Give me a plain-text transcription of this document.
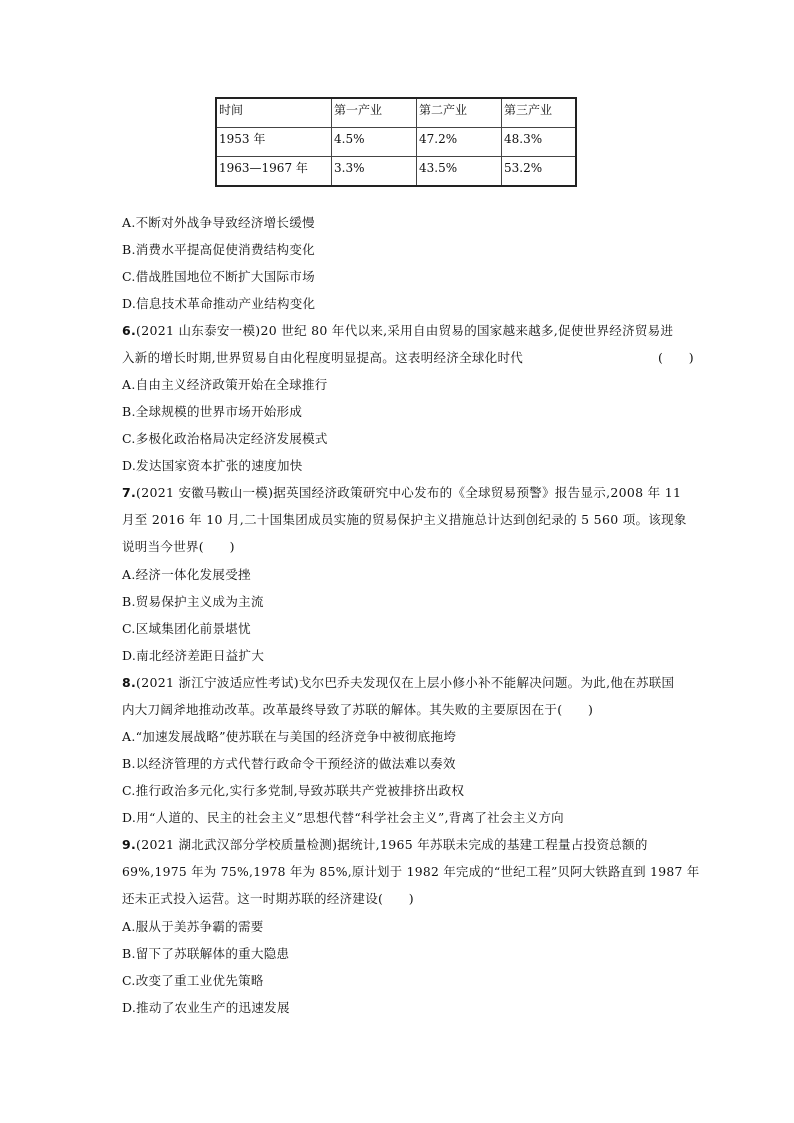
时间	第一产业	第二产业	第三产业
1953 年	4.5%	47.2%	48.3%
1963—1967 年	3.3%	43.5%	53.2%
A.不断对外战争导致经济增长缓慢
B.消费水平提高促使消费结构变化
C.借战胜国地位不断扩大国际市场
D.信息技术革命推动产业结构变化
6.(2021 山东泰安一模)20 世纪 80 年代以来,采用自由贸易的国家越来越多,促使世界经济贸易进
入新的增长时期,世界贸易自由化程度明显提高。这表明经济全球化时代	(　　)
A.自由主义经济政策开始在全球推行
B.全球规模的世界市场开始形成
C.多极化政治格局决定经济发展模式
D.发达国家资本扩张的速度加快
7.(2021 安徽马鞍山一模)据英国经济政策研究中心发布的《全球贸易预警》报告显示,2008 年 11
月至 2016 年 10 月,二十国集团成员实施的贸易保护主义措施总计达到创纪录的 5 560 项。该现象
说明当今世界(　　)
A.经济一体化发展受挫
B.贸易保护主义成为主流
C.区域集团化前景堪忧
D.南北经济差距日益扩大
8.(2021 浙江宁波适应性考试)戈尔巴乔夫发现仅在上层小修小补不能解决问题。为此,他在苏联国
内大刀阔斧地推动改革。改革最终导致了苏联的解体。其失败的主要原因在于(　　)
A.“加速发展战略”使苏联在与美国的经济竞争中被彻底拖垮
B.以经济管理的方式代替行政命令干预经济的做法难以奏效
C.推行政治多元化,实行多党制,导致苏联共产党被排挤出政权
D.用“人道的、民主的社会主义”思想代替“科学社会主义”,背离了社会主义方向
9.(2021 湖北武汉部分学校质量检测)据统计,1965 年苏联未完成的基建工程量占投资总额的
69%,1975 年为 75%,1978 年为 85%,原计划于 1982 年完成的“世纪工程”贝阿大铁路直到 1987 年
还未正式投入运营。这一时期苏联的经济建设(　　)
A.服从于美苏争霸的需要
B.留下了苏联解体的重大隐患
C.改变了重工业优先策略
D.推动了农业生产的迅速发展
